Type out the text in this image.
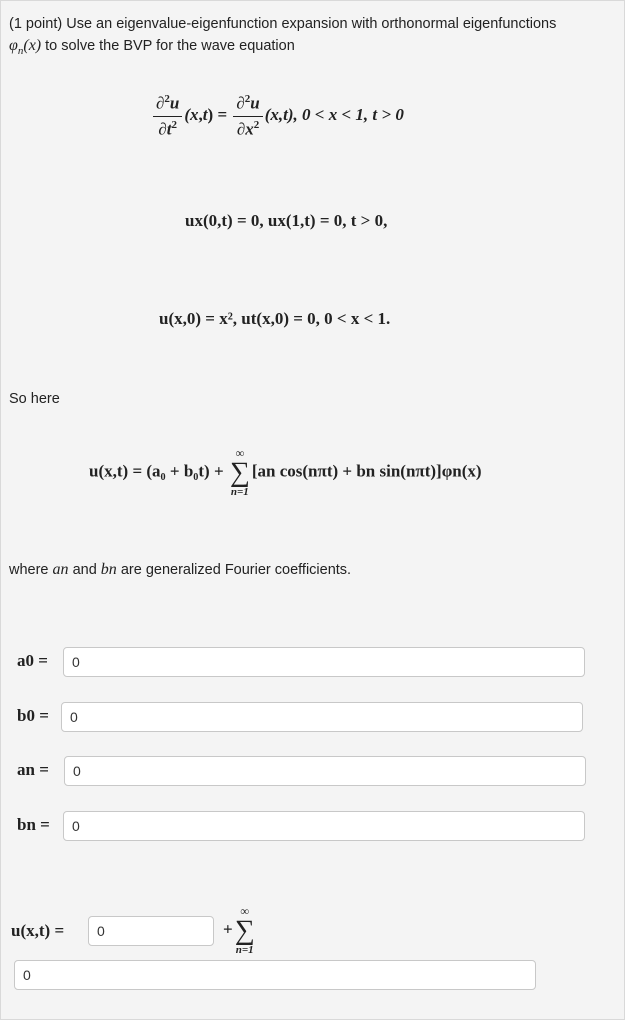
(1 point) Use an eigenvalue-eigenfunction expansion with orthonormal eigenfunctions
$\varphi_n(x)$ to solve the BVP for the wave equation
$\frac{\partial^2u}{\partial t^2} (x,t) = \frac{\partial^2u}{\partial x^2} (x,t)$, 0 < x < 1, t > 0
ux(0,t) = 0, ux(1,t) = 0, t > 0,
u(x,0) = x², ut(x,0) = 0, 0 < x < 1.
So here
u(x,t) = (a₀ + b₀t) +
∞
∑
n=1
[an cos(nπt) + bn sin(nπt)]φn(x)
where an and bn are generalized Fourier coefficients.
a0 =
0
b0 =
0
an =
0
bn =
0
u(x,t) =
0	+
∞
∑
n=1
0
